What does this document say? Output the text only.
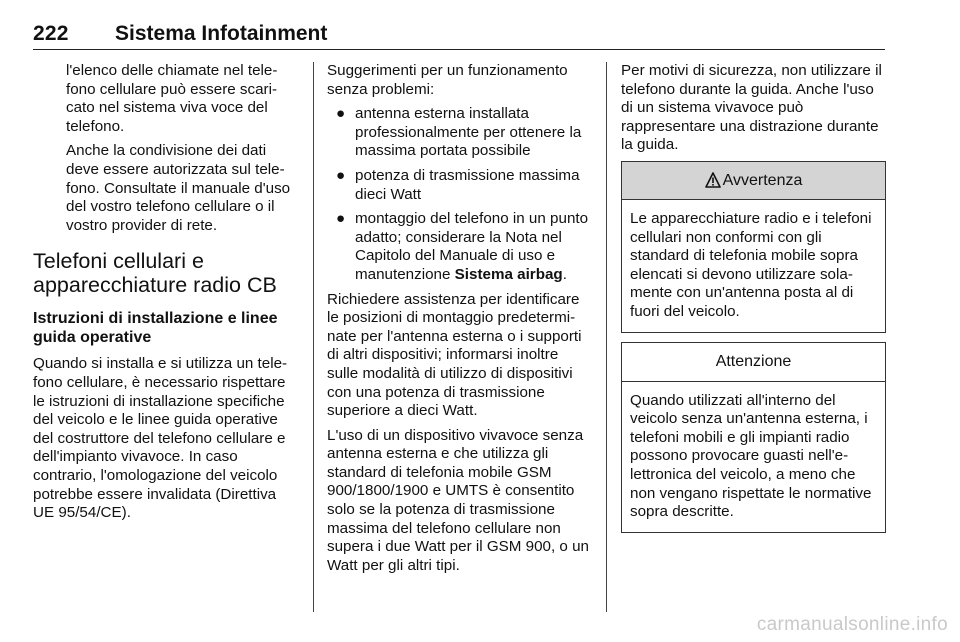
222 Sistema Infotainment

l'elenco delle chiamate nel telefono cellulare può essere scaricato nel sistema viva voce del telefono.

Anche la condivisione dei dati deve essere autorizzata sul telefono. Consultate il manuale d'uso del vostro telefono cellulare o il vostro provider di rete.

Telefoni cellulari e apparecchiature radio CB
Istruzioni di installazione e linee guida operative

Quando si installa e si utilizza un telefono cellulare, è necessario rispettare le istruzioni di installazione specifiche del veicolo e le linee guida operative del costruttore del telefono cellulare e dell'impianto vivavoce. In caso contrario, l'omologazione del veicolo potrebbe essere invalidata (Direttiva UE 95/54/CE).

Suggerimenti per un funzionamento senza problemi:

● antenna esterna installata professionalmente per ottenere la massima portata possibile
● potenza di trasmissione massima dieci Watt
● montaggio del telefono in un punto adatto; considerare la Nota nel Capitolo del Manuale di uso e manutenzione Sistema airbag.

Richiedere assistenza per identificare le posizioni di montaggio predeterminate per l'antenna esterna o i supporti di altri dispositivi; informarsi inoltre sulle modalità di utilizzo di dispositivi con una potenza di trasmissione superiore a dieci Watt.

L'uso di un dispositivo vivavoce senza antenna esterna e che utilizza gli standard di telefonia mobile GSM 900/1800/1900 e UMTS è consentito solo se la potenza di trasmissione massima del telefono cellulare non supera i due Watt per il GSM 900, o un Watt per gli altri tipi.

Per motivi di sicurezza, non utilizzare il telefono durante la guida. Anche l'uso di un sistema vivavoce può rappresentare una distrazione durante la guida.

Avvertenza
Le apparecchiature radio e i telefoni cellulari non conformi con gli standard di telefonia mobile sopra elencati si devono utilizzare solamente con un'antenna posta al di fuori del veicolo.
Attenzione
Quando utilizzati all'interno del veicolo senza un'antenna esterna, i telefoni mobili e gli impianti radio possono provocare guasti nell'elettronica del veicolo, a meno che non vengano rispettate le normative sopra descritte.
carmanualsonline.info
